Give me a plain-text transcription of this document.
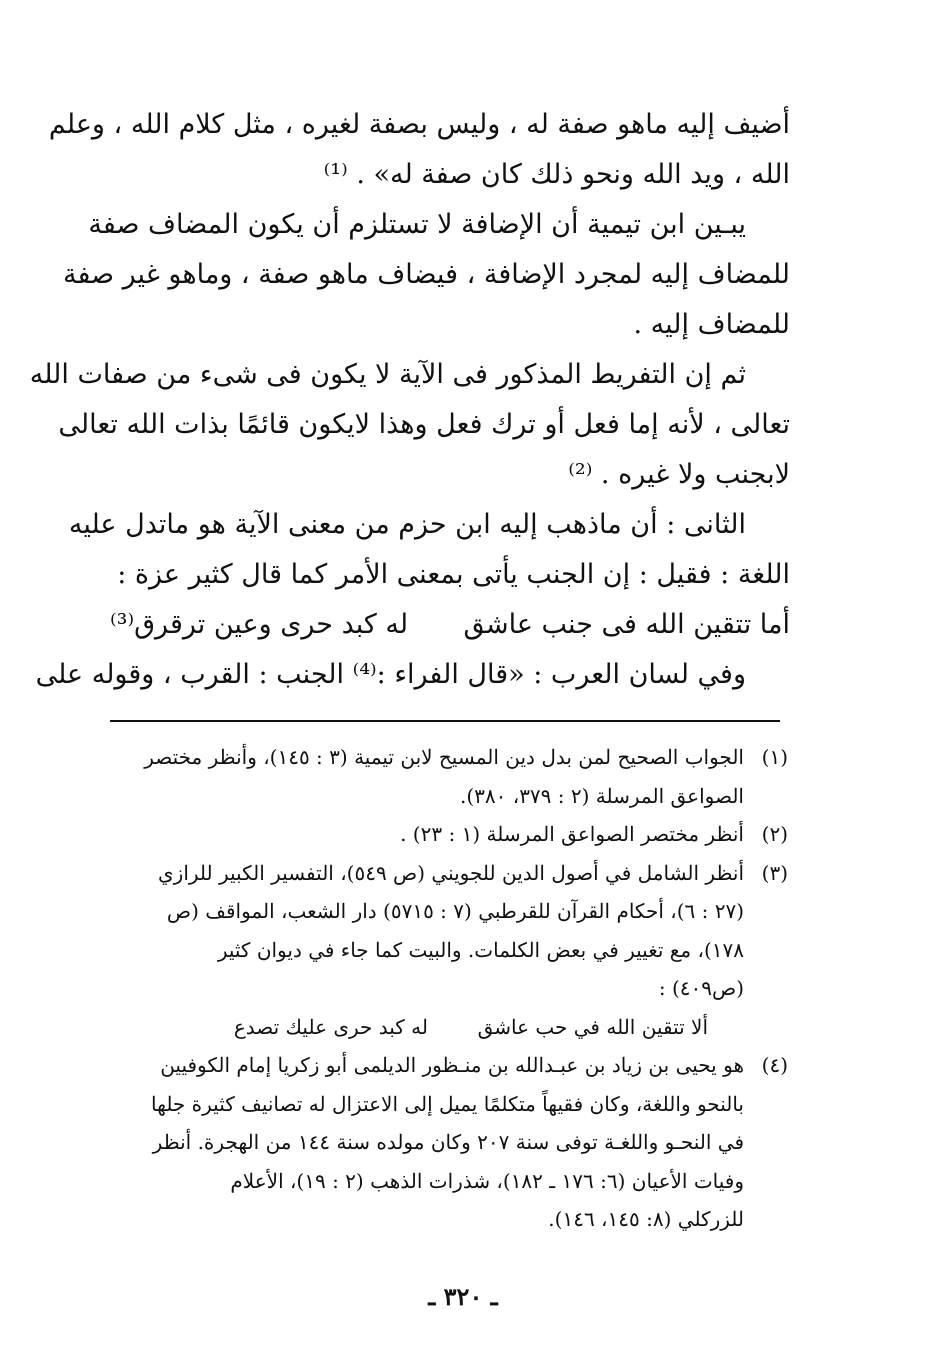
أضيف إليه ماهو صفة له ، وليس بصفة لغيره ، مثل كلام الله ، وعلم
الله ، ويد الله ونحو ذلك كان صفة له» . ⁽¹⁾
يبـين ابن تيمية أن الإضافة لا تستلزم أن يكون المضاف صفة
للمضاف إليه لمجرد الإضافة ، فيضاف ماهو صفة ، وماهو غير صفة
للمضاف إليه .
ثم إن التفريط المذكور فى الآية لا يكون فى شىء من صفات الله
تعالى ، لأنه إما فعل أو ترك فعل وهذا لايكون قائمًا بذات الله تعالى
لابجنب ولا غيره . ⁽²⁾
الثانى : أن ماذهب إليه ابن حزم من معنى الآية هو ماتدل عليه
اللغة : فقيل : إن الجنب يأتى بمعنى الأمر كما قال كثير عزة :
أما تتقين الله فى جنب عاشق
له كبد حرى وعين ترقرق⁽³⁾
وفي لسان العرب : «قال الفراء :⁽⁴⁾ الجنب : القرب ، وقوله على
(١)الجواب الصحيح لمن بدل دين المسيح لابن تيمية (٣ : ١٤٥)، وأنظر مختصر
الصواعق المرسلة (٢ : ٣٧٩، ٣٨٠).
(٢)أنظر مختصر الصواعق المرسلة (١ : ٢٣) .
(٣)أنظر الشامل في أصول الدين للجويني (ص ٥٤٩)، التفسير الكبير للرازي
(٢٧ : ٦)، أحكام القرآن للقرطبي (٧ : ٥٧١٥) دار الشعب، المواقف (ص
١٧٨)، مع تغيير في بعض الكلمات. والبيت كما جاء في ديوان كثير
(ص٤٠٩) :
ألا تتقين الله في حب عاشق
له كبد حرى عليك تصدع
(٤)هو يحيى بن زياد بن عبـدالله بن منـظور الديلمى أبو زكريا إمام الكوفيين
بالنحو واللغة، وكان فقيهاً متكلمًا يميل إلى الاعتزال له تصانيف كثيرة جلها
في النحـو واللغـة توفى سنة ٢٠٧ وكان مولده سنة ١٤٤ من الهجرة. أنظر
وفيات الأعيان (٦: ١٧٦ ـ ١٨٢)، شذرات الذهب (٢ : ١٩)، الأعلام
للزركلي (٨: ١٤٥، ١٤٦).
ـ ٣٢٠ ـ
